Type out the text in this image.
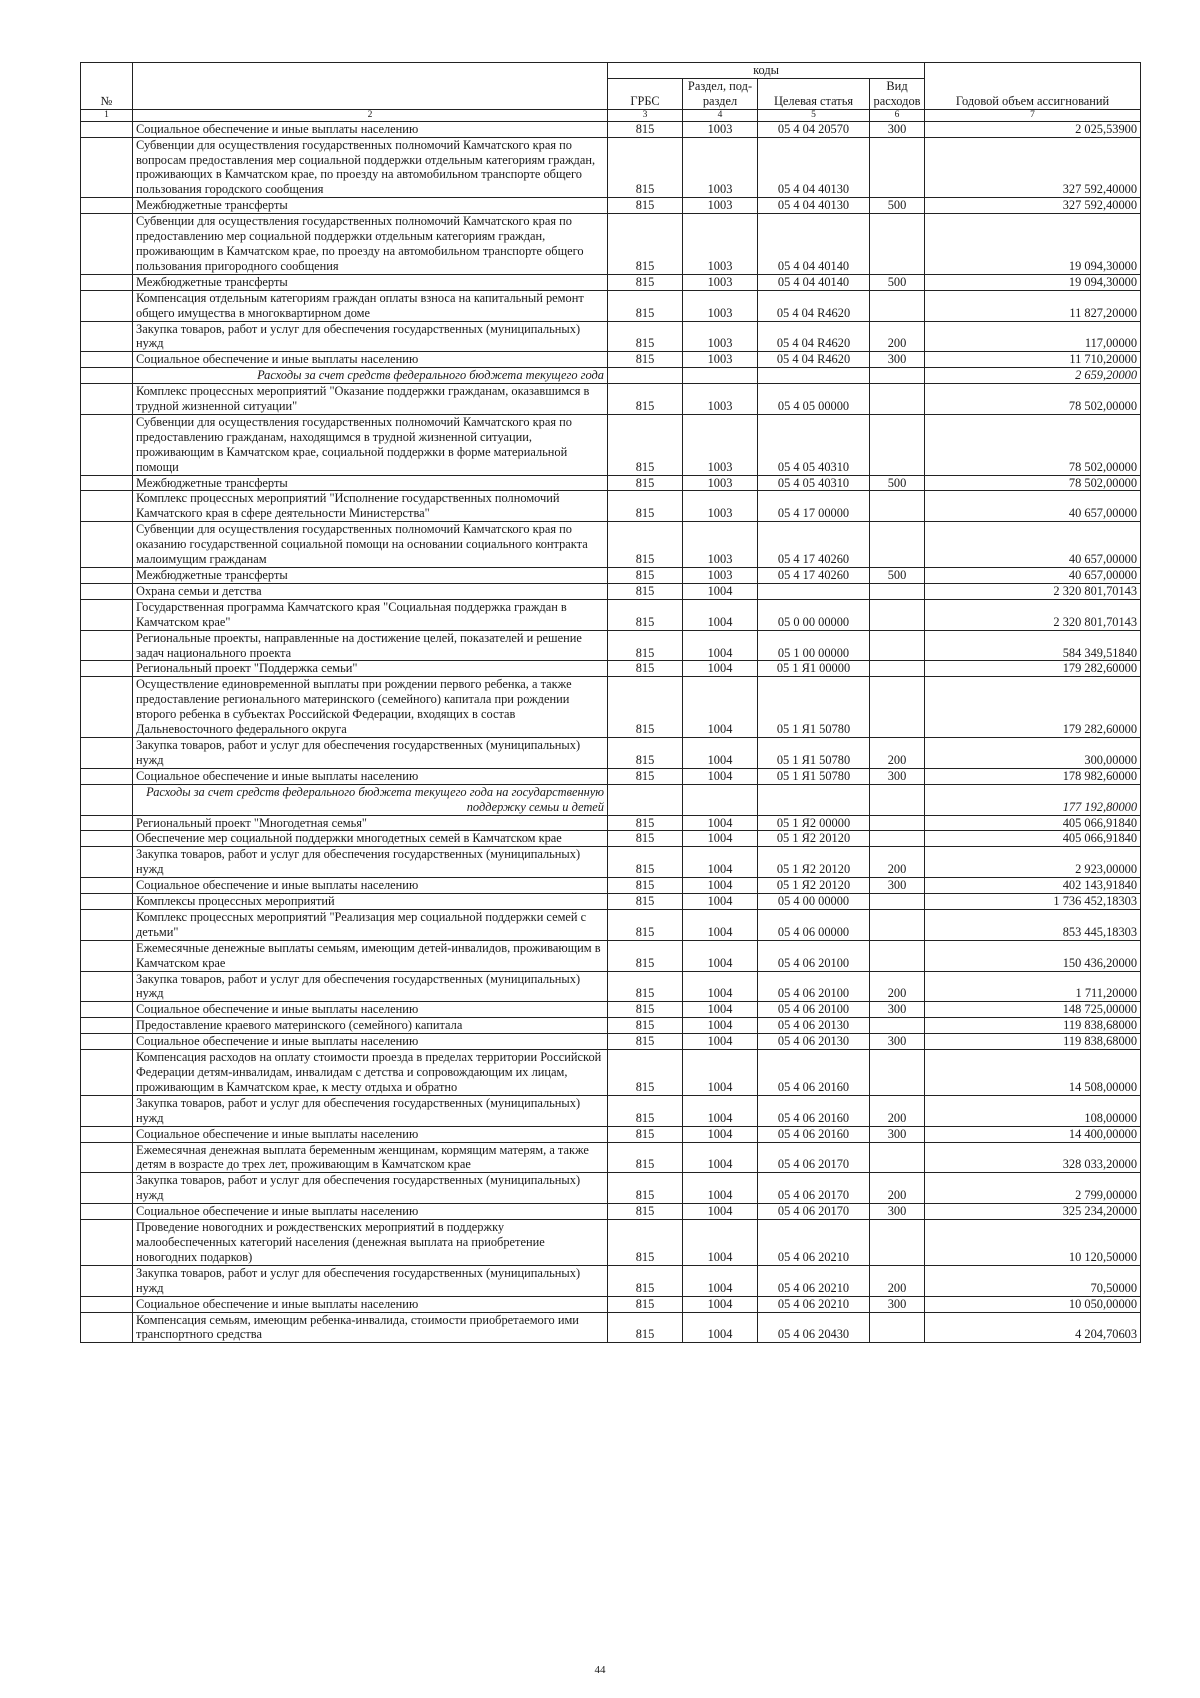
№		коды				Годовой объем ассигнований
		ГРБС	Раздел, под-раздел	Целевая статья	Вид расходов	

1	2	3	4	5	6	7
	Социальное обеспечение и иные выплаты населению	815	1003	05 4 04 20570	300	2 025,53900
	Субвенции для осуществления государственных полномочий Камчатского края по вопросам предоставления мер социальной поддержки отдельным категориям граждан, проживающих в Камчатском крае, по проезду на автомобильном транспорте общего пользования городского сообщения	815	1003	05 4 04 40130		327 592,40000
	Межбюджетные трансферты	815	1003	05 4 04 40130	500	327 592,40000
	Субвенции для осуществления государственных полномочий Камчатского края по предоставлению мер социальной поддержки отдельным категориям граждан, проживающим в Камчатском крае, по проезду на автомобильном транспорте общего пользования пригородного сообщения	815	1003	05 4 04 40140		19 094,30000
	Межбюджетные трансферты	815	1003	05 4 04 40140	500	19 094,30000
	Компенсация отдельным категориям граждан оплаты взноса на капитальный ремонт общего имущества в многоквартирном доме	815	1003	05 4 04 R4620		11 827,20000
	Закупка товаров, работ и услуг для обеспечения государственных (муниципальных) нужд	815	1003	05 4 04 R4620	200	117,00000
	Социальное обеспечение и иные выплаты населению	815	1003	05 4 04 R4620	300	11 710,20000
	Расходы за счет средств федерального бюджета текущего года					2 659,20000
	Комплекс процессных мероприятий "Оказание поддержки гражданам, оказавшимся в трудной жизненной ситуации"	815	1003	05 4 05 00000		78 502,00000
	Субвенции для осуществления государственных полномочий Камчатского края по предоставлению гражданам, находящимся в трудной жизненной ситуации, проживающим в Камчатском крае, социальной поддержки в форме материальной помощи	815	1003	05 4 05 40310		78 502,00000
	Межбюджетные трансферты	815	1003	05 4 05 40310	500	78 502,00000
	Комплекс процессных мероприятий "Исполнение государственных полномочий Камчатского края в сфере деятельности Министерства"	815	1003	05 4 17 00000		40 657,00000
	Субвенции для осуществления государственных полномочий Камчатского края по оказанию государственной социальной помощи на основании социального контракта малоимущим гражданам	815	1003	05 4 17 40260		40 657,00000
	Межбюджетные трансферты	815	1003	05 4 17 40260	500	40 657,00000
	Охрана семьи и детства	815	1004			2 320 801,70143
	Государственная программа Камчатского края "Социальная поддержка граждан в Камчатском крае"	815	1004	05 0 00 00000		2 320 801,70143
	Региональные проекты, направленные на достижение целей, показателей и решение задач национального проекта	815	1004	05 1 00 00000		584 349,51840
	Региональный проект "Поддержка семьи"	815	1004	05 1 Я1 00000		179 282,60000
	Осуществление единовременной выплаты при рождении первого ребенка, а также предоставление регионального материнского (семейного) капитала при рождении второго ребенка в субъектах Российской Федерации, входящих в состав Дальневосточного федерального округа	815	1004	05 1 Я1 50780		179 282,60000
	Закупка товаров, работ и услуг для обеспечения государственных (муниципальных) нужд	815	1004	05 1 Я1 50780	200	300,00000
	Социальное обеспечение и иные выплаты населению	815	1004	05 1 Я1 50780	300	178 982,60000
	Расходы за счет средств федерального бюджета текущего года на государственную поддержку семьи и детей					177 192,80000
	Региональный проект "Многодетная семья"	815	1004	05 1 Я2 00000		405 066,91840
	Обеспечение мер социальной поддержки многодетных семей в Камчатском крае	815	1004	05 1 Я2 20120		405 066,91840
	Закупка товаров, работ и услуг для обеспечения государственных (муниципальных) нужд	815	1004	05 1 Я2 20120	200	2 923,00000
	Социальное обеспечение и иные выплаты населению	815	1004	05 1 Я2 20120	300	402 143,91840
	Комплексы процессных мероприятий	815	1004	05 4 00 00000		1 736 452,18303
	Комплекс процессных мероприятий "Реализация мер социальной поддержки семей с детьми"	815	1004	05 4 06 00000		853 445,18303
	Ежемесячные денежные выплаты семьям, имеющим детей-инвалидов, проживающим в Камчатском крае	815	1004	05 4 06 20100		150 436,20000
	Закупка товаров, работ и услуг для обеспечения государственных (муниципальных) нужд	815	1004	05 4 06 20100	200	1 711,20000
	Социальное обеспечение и иные выплаты населению	815	1004	05 4 06 20100	300	148 725,00000
	Предоставление краевого материнского (семейного) капитала	815	1004	05 4 06 20130		119 838,68000
	Социальное обеспечение и иные выплаты населению	815	1004	05 4 06 20130	300	119 838,68000
	Компенсация расходов на оплату стоимости проезда в пределах территории Российской Федерации детям-инвалидам, инвалидам с детства и сопровождающим их лицам, проживающим в Камчатском крае, к месту отдыха и обратно	815	1004	05 4 06 20160		14 508,00000
	Закупка товаров, работ и услуг для обеспечения государственных (муниципальных) нужд	815	1004	05 4 06 20160	200	108,00000
	Социальное обеспечение и иные выплаты населению	815	1004	05 4 06 20160	300	14 400,00000
	Ежемесячная денежная выплата беременным женщинам, кормящим матерям, а также детям в возрасте до трех лет, проживающим в Камчатском крае	815	1004	05 4 06 20170		328 033,20000
	Закупка товаров, работ и услуг для обеспечения государственных (муниципальных) нужд	815	1004	05 4 06 20170	200	2 799,00000
	Социальное обеспечение и иные выплаты населению	815	1004	05 4 06 20170	300	325 234,20000
	Проведение новогодних и рождественских мероприятий в поддержку малообеспеченных категорий населения (денежная выплата на приобретение новогодних подарков)	815	1004	05 4 06 20210		10 120,50000
	Закупка товаров, работ и услуг для обеспечения государственных (муниципальных) нужд	815	1004	05 4 06 20210	200	70,50000
	Социальное обеспечение и иные выплаты населению	815	1004	05 4 06 20210	300	10 050,00000
	Компенсация семьям, имеющим ребенка-инвалида, стоимости приобретаемого ими транспортного средства	815	1004	05 4 06 20430		4 204,70603
44
